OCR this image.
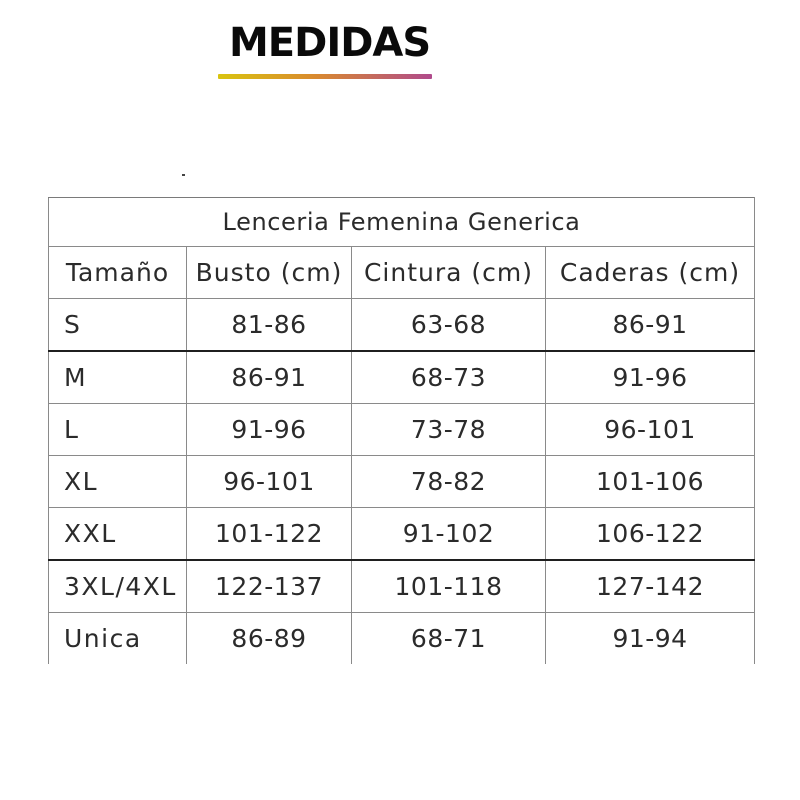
MEDIDAS
Lenceria Femenina Generica			
Tamaño	Busto (cm)	Cintura (cm)	Caderas (cm)
S	81-86	63-68	86-91
M	86-91	68-73	91-96
L	91-96	73-78	96-101
XL	96-101	78-82	101-106
XXL	101-122	91-102	106-122
3XL/4XL	122-137	101-118	127-142
Unica	86-89	68-71	91-94
